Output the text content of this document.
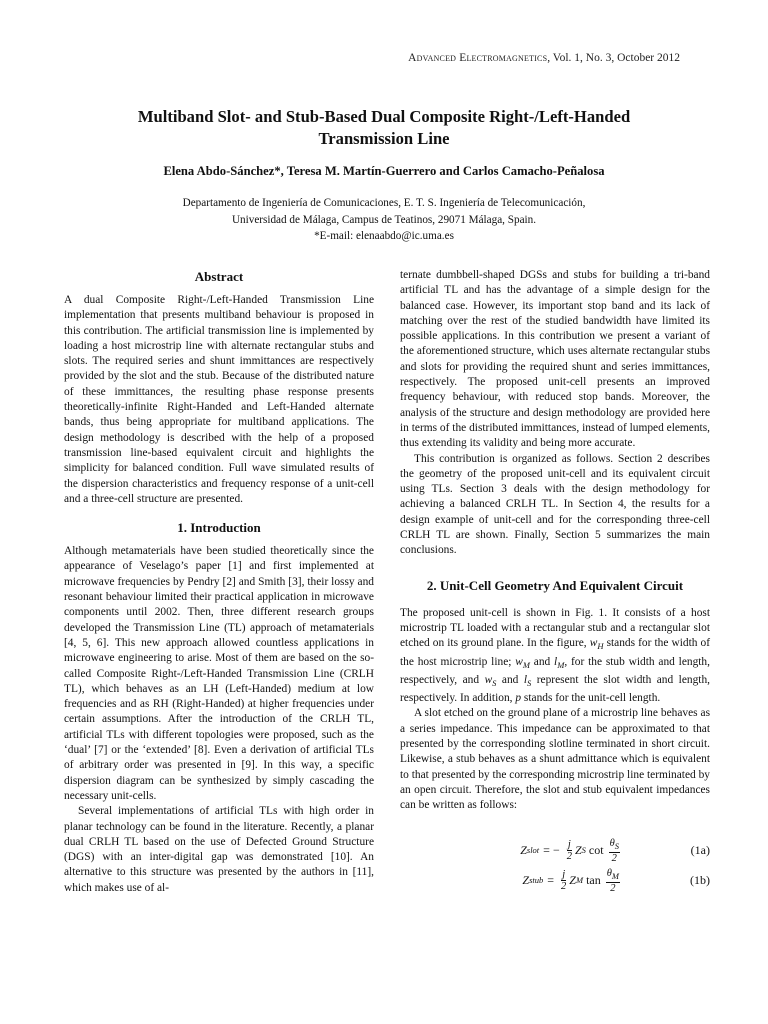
Advanced Electromagnetics, Vol. 1, No. 3, October 2012
Multiband Slot- and Stub-Based Dual Composite Right-/Left-Handed
Transmission Line
Elena Abdo-Sánchez*, Teresa M. Martín-Guerrero and Carlos Camacho-Peñalosa
Departamento de Ingeniería de Comunicaciones, E. T. S. Ingeniería de Telecomunicación,
Universidad de Málaga, Campus de Teatinos, 29071 Málaga, Spain.
*E-mail: elenaabdo@ic.uma.es
Abstract

A dual Composite Right-/Left-Handed Transmission Line implementation that presents multiband behaviour is proposed in this contribution. The artificial transmission line is implemented by loading a host microstrip line with alternate rectangular stubs and slots. The required series and shunt immittances are respectively provided by the slot and the stub. Because of the distributed nature of these immittances, the resulting phase response presents theoretically-infinite Right-Handed and Left-Handed alternate bands, thus being appropriate for multiband applications. The design methodology is described with the help of a proposed transmission line-based equivalent circuit and highlights the simplicity for balanced condition. Full wave simulated results of the dispersion characteristics and frequency response of a unit-cell and a three-cell structure are presented.

1. Introduction

Although metamaterials have been studied theoretically since the appearance of Veselago’s paper [1] and first implemented at microwave frequencies by Pendry [2] and Smith [3], their lossy and resonant behaviour limited their practical application in microwave components until 2002. Then, three different research groups developed the Transmission Line (TL) approach of metamaterials [4, 5, 6]. This new approach allowed countless applications in microwave engineering to arise. Most of them are based on the so-called Composite Right-/Left-Handed Transmission Line (CRLH TL), which behaves as an LH (Left-Handed) medium at low frequencies and as RH (Right-Handed) at higher frequencies under certain assumptions. After the introduction of the CRLH TL, artificial TLs with different topologies were proposed, such as the ‘dual’ [7] or the ‘extended’ [8]. Even a derivation of artificial TLs of arbitrary order was presented in [9]. In this way, a specific dispersion diagram can be synthesized by simply cascading the necessary unit-cells.

Several implementations of artificial TLs with high order in planar technology can be found in the literature. Recently, a planar dual CRLH TL based on the use of Defected Ground Structure (DGS) with an inter-digital gap was demonstrated [10]. An alternative to this structure was presented by the authors in [11], which makes use of al-

ternate dumbbell-shaped DGSs and stubs for building a tri-band artificial TL and has the advantage of a simple design for the balanced case. However, its important stop band and its lack of matching over the rest of the studied bandwidth have limited its possible applications. In this contribution we present a variant of the aforementioned structure, which uses alternate rectangular stubs and slots for providing the required shunt and series immittances, respectively. The proposed unit-cell presents an improved frequency behaviour, with reduced stop bands. Moreover, the analysis of the structure and design methodology are provided here in terms of the distributed immittances, instead of lumped elements, thus extending its validity and being more accurate.

This contribution is organized as follows. Section 2 describes the geometry of the proposed unit-cell and its equivalent circuit using TLs. Section 3 deals with the design methodology for achieving a balanced CRLH TL. In Section 4, the results for a design example of unit-cell and for the corresponding three-cell CRLH TL are shown. Finally, Section 5 summarizes the main conclusions.

2. Unit-Cell Geometry And Equivalent Circuit

The proposed unit-cell is shown in Fig. 1. It consists of a host microstrip TL loaded with a rectangular stub and a rectangular slot etched on its ground plane. In the figure, $w_H$ stands for the width of the host microstrip line; $w_M$ and $l_M$, for the stub width and length, respectively, and $w_S$ and $l_S$ represent the slot width and length, respectively. In addition, p stands for the unit-cell length.

A slot etched on the ground plane of a microstrip line behaves as a series impedance. This impedance can be approximated to that presented by the corresponding slotline terminated in short circuit. Likewise, a stub behaves as a shunt admittance which is equivalent to that presented by the corresponding microstrip line terminated by an open circuit. Therefore, the slot and stub equivalent impedances can be written as follows:

Z slot = − $\frac{j}{2}$ Z S $\cot \frac{\theta_S}{2}$	(1a)
Z stub = $\frac{j}{2}$ Z M $\tan \frac{\theta_M}{2}$	(1b)
